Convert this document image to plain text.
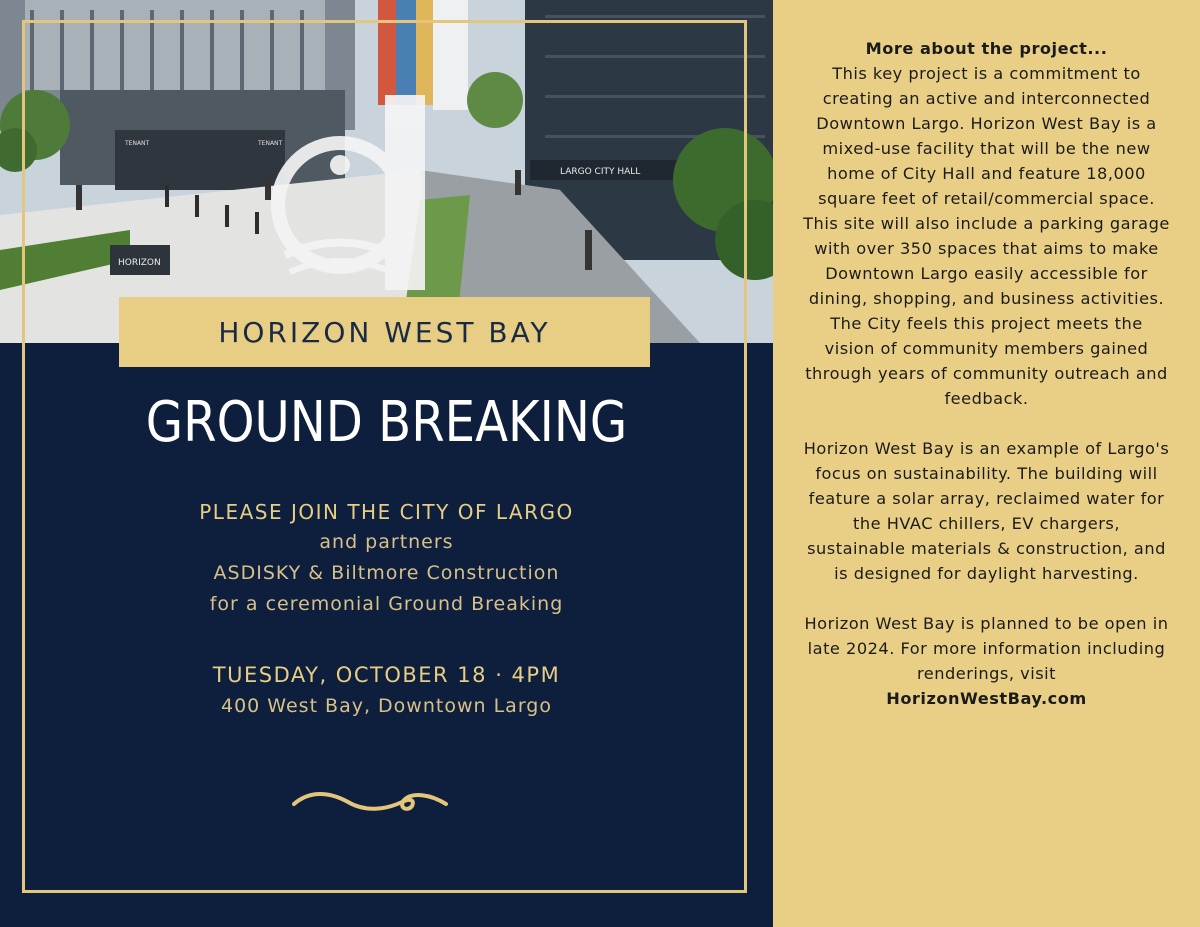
LARGO CITY HALL
HORIZON
TENANT	TENANT
HORIZON WEST BAY
GROUND BREAKING
PLEASE JOIN THE CITY OF LARGO
and partners
ASDISKY & Biltmore Construction
for a ceremonial Ground Breaking
TUESDAY, OCTOBER 18 · 4PM
400 West Bay, Downtown Largo

More about the project...

This key project is a commitment to creating an active and interconnected Downtown Largo. Horizon West Bay is a mixed-use facility that will be the new home of City Hall and feature 18,000 square feet of retail/commercial space. This site will also include a parking garage with over 350 spaces that aims to make Downtown Largo easily accessible for dining, shopping, and business activities. The City feels this project meets the vision of community members gained through years of community outreach and feedback.

Horizon West Bay is an example of Largo's focus on sustainability. The building will feature a solar array, reclaimed water for the HVAC chillers, EV chargers, sustainable materials & construction, and is designed for daylight harvesting.

Horizon West Bay is planned to be open in late 2024. For more information including renderings, visit

HorizonWestBay.com
